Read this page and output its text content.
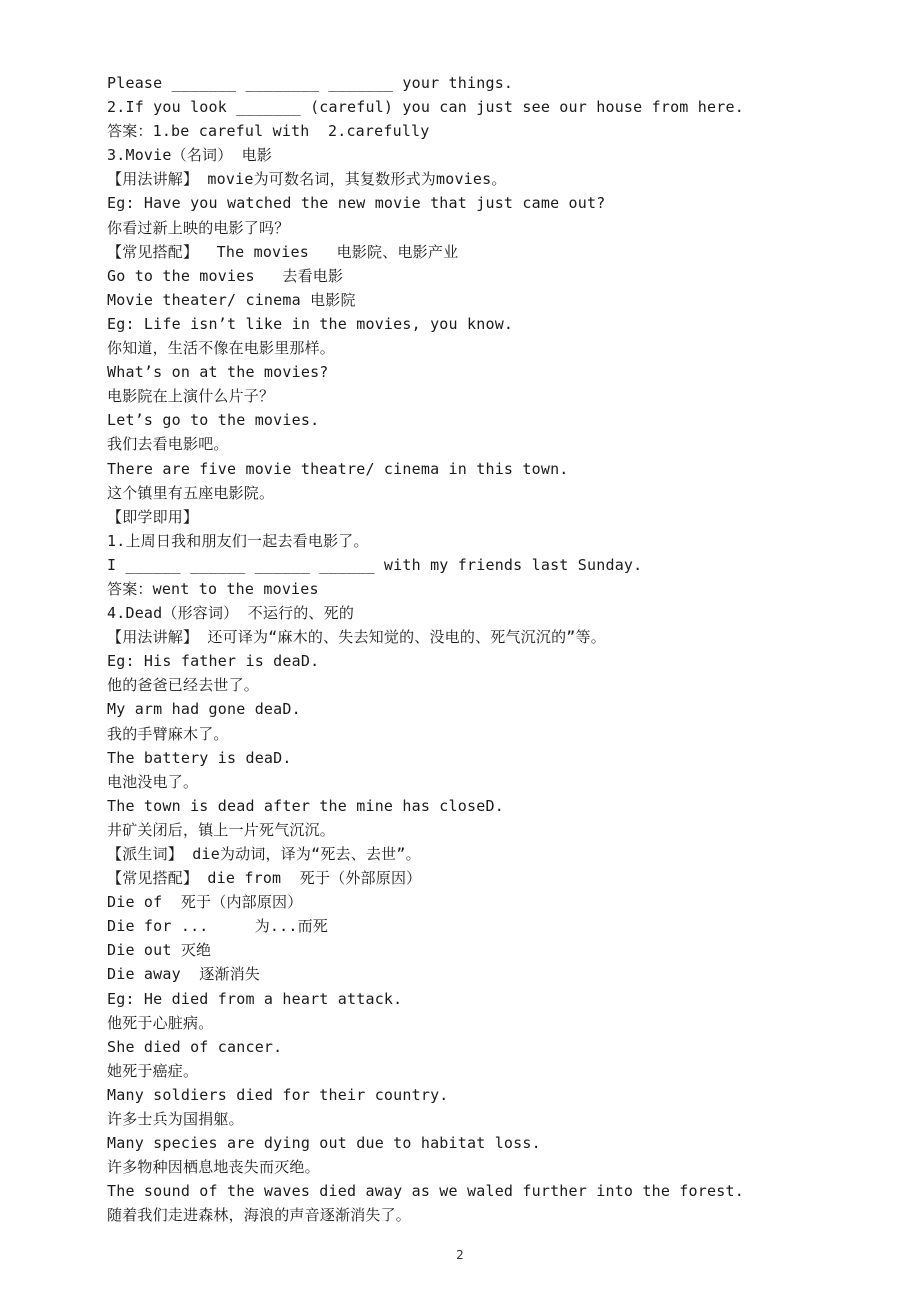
Please _______ ________ _______ your things.
2.If you look _______ (careful) you can just see our house from here.
答案：1.be careful with  2.carefully
3.Movie（名词） 电影
【用法讲解】 movie为可数名词，其复数形式为movies。
Eg: Have you watched the new movie that just came out?
你看过新上映的电影了吗？
【常见搭配】  The movies   电影院、电影产业
Go to the movies   去看电影
Movie theater/ cinema 电影院
Eg: Life isn’t like in the movies, you know.
你知道，生活不像在电影里那样。
What’s on at the movies?
电影院在上演什么片子？
Let’s go to the movies.
我们去看电影吧。
There are five movie theatre/ cinema in this town.
这个镇里有五座电影院。
【即学即用】
1.上周日我和朋友们一起去看电影了。
I ______ ______ ______ ______ with my friends last Sunday.
答案：went to the movies
4.Dead（形容词） 不运行的、死的
【用法讲解】 还可译为“麻木的、失去知觉的、没电的、死气沉沉的”等。
Eg: His father is deaD.
他的爸爸已经去世了。
My arm had gone deaD.
我的手臂麻木了。
The battery is deaD.
电池没电了。
The town is dead after the mine has closeD.
井矿关闭后，镇上一片死气沉沉。
【派生词】 die为动词，译为“死去、去世”。
【常见搭配】 die from  死于（外部原因）
Die of  死于（内部原因）
Die for ...     为...而死
Die out 灭绝
Die away  逐渐消失
Eg: He died from a heart attack.
他死于心脏病。
She died of cancer.
她死于癌症。
Many soldiers died for their country.
许多士兵为国捐躯。
Many species are dying out due to habitat loss.
许多物种因栖息地丧失而灭绝。
The sound of the waves died away as we waled further into the forest.
随着我们走进森林，海浪的声音逐渐消失了。
2
